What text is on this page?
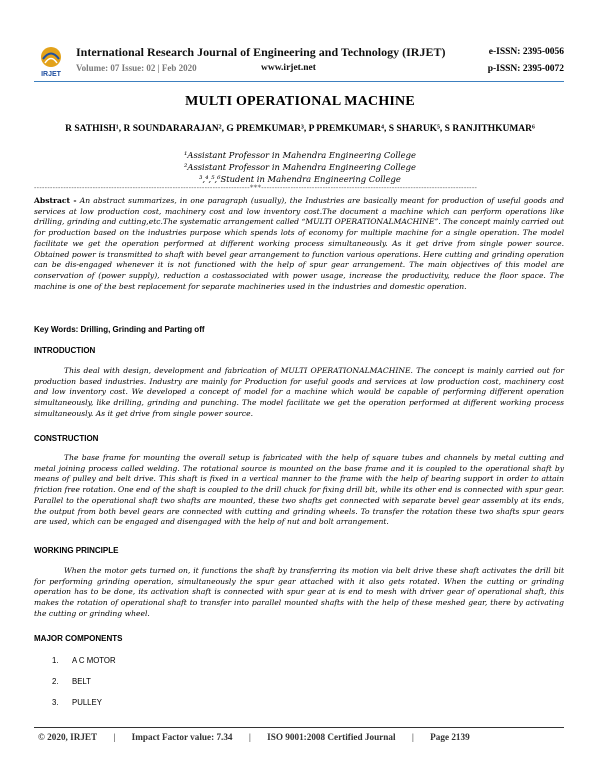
IRJET
International Research Journal of Engineering and Technology (IRJET)
Volume: 07 Issue: 02 | Feb 2020	www.irjet.net
e-ISSN: 2395-0056
p-ISSN: 2395-0072
MULTI OPERATIONAL MACHINE
R SATHISH¹, R SOUNDARARAJAN², G PREMKUMAR³, P PREMKUMAR⁴, S SHARUK⁵, S RANJITHKUMAR⁶
¹Assistant Professor in Mahendra Engineering College
²Assistant Professor in Mahendra Engineering College
³,⁴,⁵,⁶Student in Mahendra Engineering College
---------------------------------------------------------------------------------***---------------------------------------------------------------------------------

Abstract - An abstract summarizes, in one paragraph (usually), the Industries are basically meant for production of useful goods and services at low production cost, machinery cost and low inventory cost.The document a machine which can perform operations like drilling, grinding and cutting,etc.The systematic arrangement called “MULTI OPERATIONALMACHINE”. The concept mainly carried out for production based on the industries purpose which spends lots of economy for multiple machine for a single operation. The model facilitate we get the operation performed at different working process simultaneously. As it get drive from single power source. Obtained power is transmitted to shaft with bevel gear arrangement to function various operations. Here cutting and grinding operation can be dis-engaged whenever it is not functioned with the help of spur gear arrangement. The main objectives of this model are conservation of (power supply), reduction a costassociated with power usage, increase the productivity, reduce the floor space. The machine is one of the best replacement for separate machineries used in the industries and domestic operation.

Key Words: Drilling, Grinding and Parting off
INTRODUCTION

This deal with design, development and fabrication of MULTI OPERATIONALMACHINE. The concept is mainly carried out for production based industries. Industry are mainly for Production for useful goods and services at low production cost, machinery cost and low inventory cost. We developed a concept of model for a machine which would be capable of performing different operation simultaneously, like drilling, grinding and punching. The model facilitate we get the operation performed at different working process simultaneously. As it get drive from single power source.

CONSTRUCTION

The base frame for mounting the overall setup is fabricated with the help of square tubes and channels by metal cutting and metal joining process called welding. The rotational source is mounted on the base frame and it is coupled to the operational shaft by means of pulley and belt drive. This shaft is fixed in a vertical manner to the frame with the help of bearing support in order to attain friction free rotation. One end of the shaft is coupled to the drill chuck for fixing drill bit, while its other end is connected with spur gear. Parallel to the operational shaft two shafts are mounted, these two shafts get connected with separate bevel gear assembly at its ends, the output from both bevel gears are connected with cutting and grinding wheels. To transfer the rotation these two shafts spur gears are used, which can be engaged and disengaged with the help of nut and bolt arrangement.

WORKING PRINCIPLE

When the motor gets turned on, it functions the shaft by transferring its motion via belt drive these shaft activates the drill bit for performing grinding operation, simultaneously the spur gear attached with it also gets rotated. When the cutting or grinding operation has to be done, its activation shaft is connected with spur gear at is end to mesh with driver gear of operational shaft, this makes the rotation of operational shaft to transfer into parallel mounted shafts with the help of these meshed gear, there by activating the cutting or grinding wheel.

MAJOR COMPONENTS
1. A C MOTOR
2. BELT
3. PULLEY
© 2020, IRJET | Impact Factor value: 7.34 | ISO 9001:2008 Certified Journal | Page 2139
